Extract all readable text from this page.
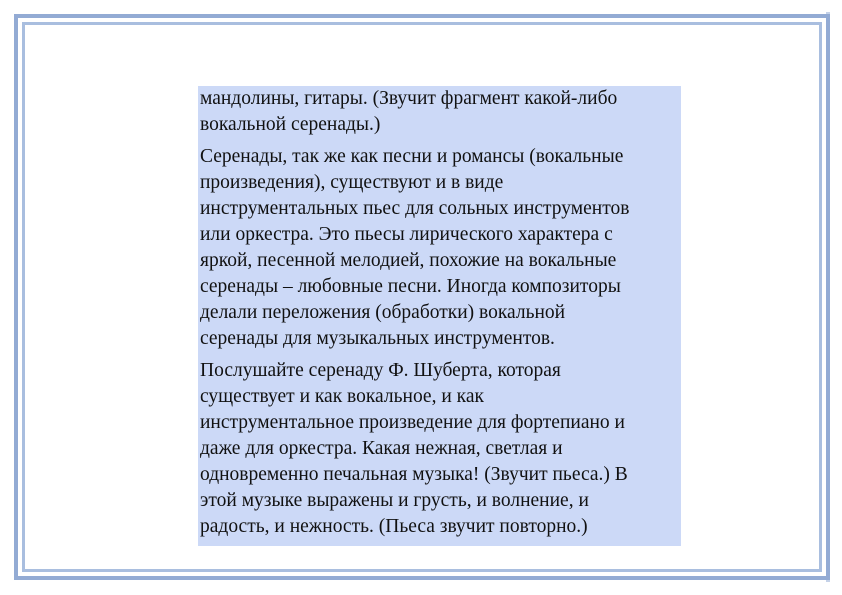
мандолины, гитары. (Звучит фрагмент какой-либо
вокальной серенады.)

Серенады, так же как песни и романсы (вокальные
произведения), существуют и в виде
инструментальных пьес для сольных инструментов
или оркестра. Это пьесы лирического характера с
яркой, песенной мелодией, похожие на вокальные
серенады – любовные песни. Иногда композиторы
делали переложения (обработки) вокальной
серенады для музыкальных инструментов.

Послушайте серенаду Ф. Шуберта, которая
существует и как вокальное, и как
инструментальное произведение для фортепиано и
даже для оркестра. Какая нежная, светлая и
одновременно печальная музыка! (Звучит пьеса.) В
этой музыке выражены и грусть, и волнение, и
радость, и нежность. (Пьеса звучит повторно.)
